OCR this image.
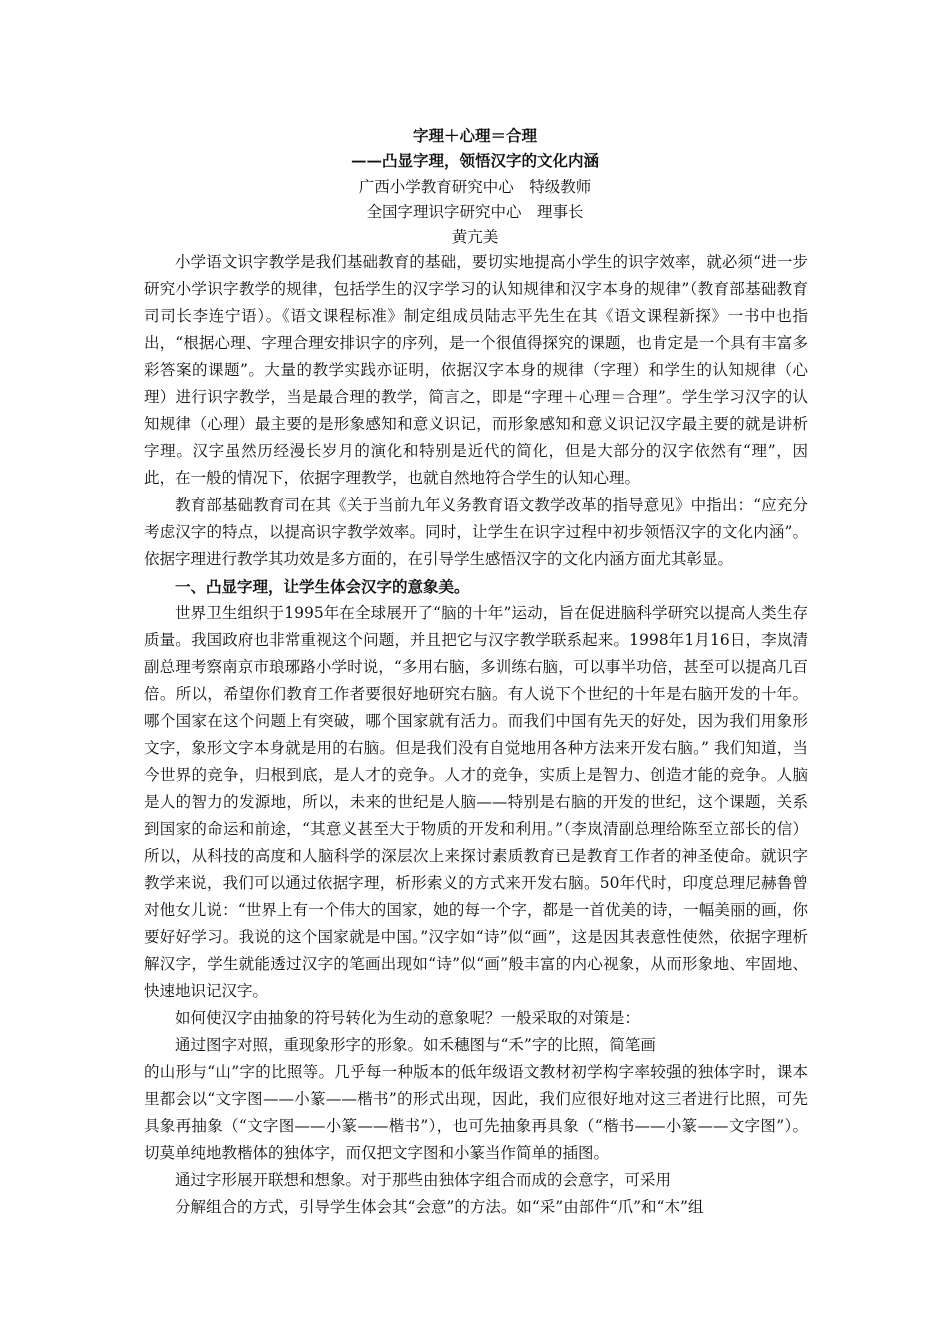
字理＋心理＝合理
——凸显字理，领悟汉字的文化内涵
广西小学教育研究中心　特级教师
全国字理识字研究中心　理事长
黄亢美

小学语文识字教学是我们基础教育的基础，要切实地提高小学生的识字效率，就必须“进一步研究小学识字教学的规律，包括学生的汉字学习的认知规律和汉字本身的规律”（教育部基础教育司司长李连宁语）。《语文课程标准》制定组成员陆志平先生在其《语文课程新探》一书中也指出，“根据心理、字理合理安排识字的序列，是一个很值得探究的课题，也肯定是一个具有丰富多彩答案的课题”。大量的教学实践亦证明，依据汉字本身的规律（字理）和学生的认知规律（心理）进行识字教学，当是最合理的教学，简言之，即是“字理＋心理＝合理”。学生学习汉字的认知规律（心理）最主要的是形象感知和意义识记，而形象感知和意义识记汉字最主要的就是讲析字理。汉字虽然历经漫长岁月的演化和特别是近代的简化，但是大部分的汉字依然有“理”，因此，在一般的情况下，依据字理教学，也就自然地符合学生的认知心理。

教育部基础教育司在其《关于当前九年义务教育语文教学改革的指导意见》中指出：“应充分考虑汉字的特点，以提高识字教学效率。同时，让学生在识字过程中初步领悟汉字的文化内涵”。依据字理进行教学其功效是多方面的，在引导学生感悟汉字的文化内涵方面尤其彰显。

一、凸显字理，让学生体会汉字的意象美。

世界卫生组织于1995年在全球展开了“脑的十年”运动，旨在促进脑科学研究以提高人类生存质量。我国政府也非常重视这个问题，并且把它与汉字教学联系起来。1998年1月16日，李岚清副总理考察南京市琅琊路小学时说，“多用右脑，多训练右脑，可以事半功倍，甚至可以提高几百倍。所以，希望你们教育工作者要很好地研究右脑。有人说下个世纪的十年是右脑开发的十年。哪个国家在这个问题上有突破，哪个国家就有活力。而我们中国有先天的好处，因为我们用象形文字，象形文字本身就是用的右脑。但是我们没有自觉地用各种方法来开发右脑。” 我们知道，当今世界的竞争，归根到底，是人才的竞争。人才的竞争，实质上是智力、创造才能的竞争。人脑是人的智力的发源地，所以，未来的世纪是人脑——特别是右脑的开发的世纪，这个课题，关系到国家的命运和前途，“其意义甚至大于物质的开发和利用。”（李岚清副总理给陈至立部长的信）所以，从科技的高度和人脑科学的深层次上来探讨素质教育已是教育工作者的神圣使命。就识字教学来说，我们可以通过依据字理，析形索义的方式来开发右脑。50年代时，印度总理尼赫鲁曾对他女儿说：“世界上有一个伟大的国家，她的每一个字，都是一首优美的诗，一幅美丽的画，你要好好学习。我说的这个国家就是中国。”汉字如“诗”似“画”，这是因其表意性使然，依据字理析解汉字，学生就能透过汉字的笔画出现如“诗”似“画”般丰富的内心视象，从而形象地、牢固地、快速地识记汉字。

如何使汉字由抽象的符号转化为生动的意象呢？一般采取的对策是：

通过图字对照，重现象形字的形象。如禾穗图与“禾”字的比照，简笔画

的山形与“山”字的比照等。几乎每一种版本的低年级语文教材初学构字率较强的独体字时，课本里都会以“文字图——小篆——楷书”的形式出现，因此，我们应很好地对这三者进行比照，可先具象再抽象（“文字图——小篆——楷书”），也可先抽象再具象（“楷书——小篆——文字图”）。切莫单纯地教楷体的独体字，而仅把文字图和小篆当作简单的插图。

通过字形展开联想和想象。对于那些由独体字组合而成的会意字，可采用

分解组合的方式，引导学生体会其“会意”的方法。如“采”由部件“爪”和“木”组
